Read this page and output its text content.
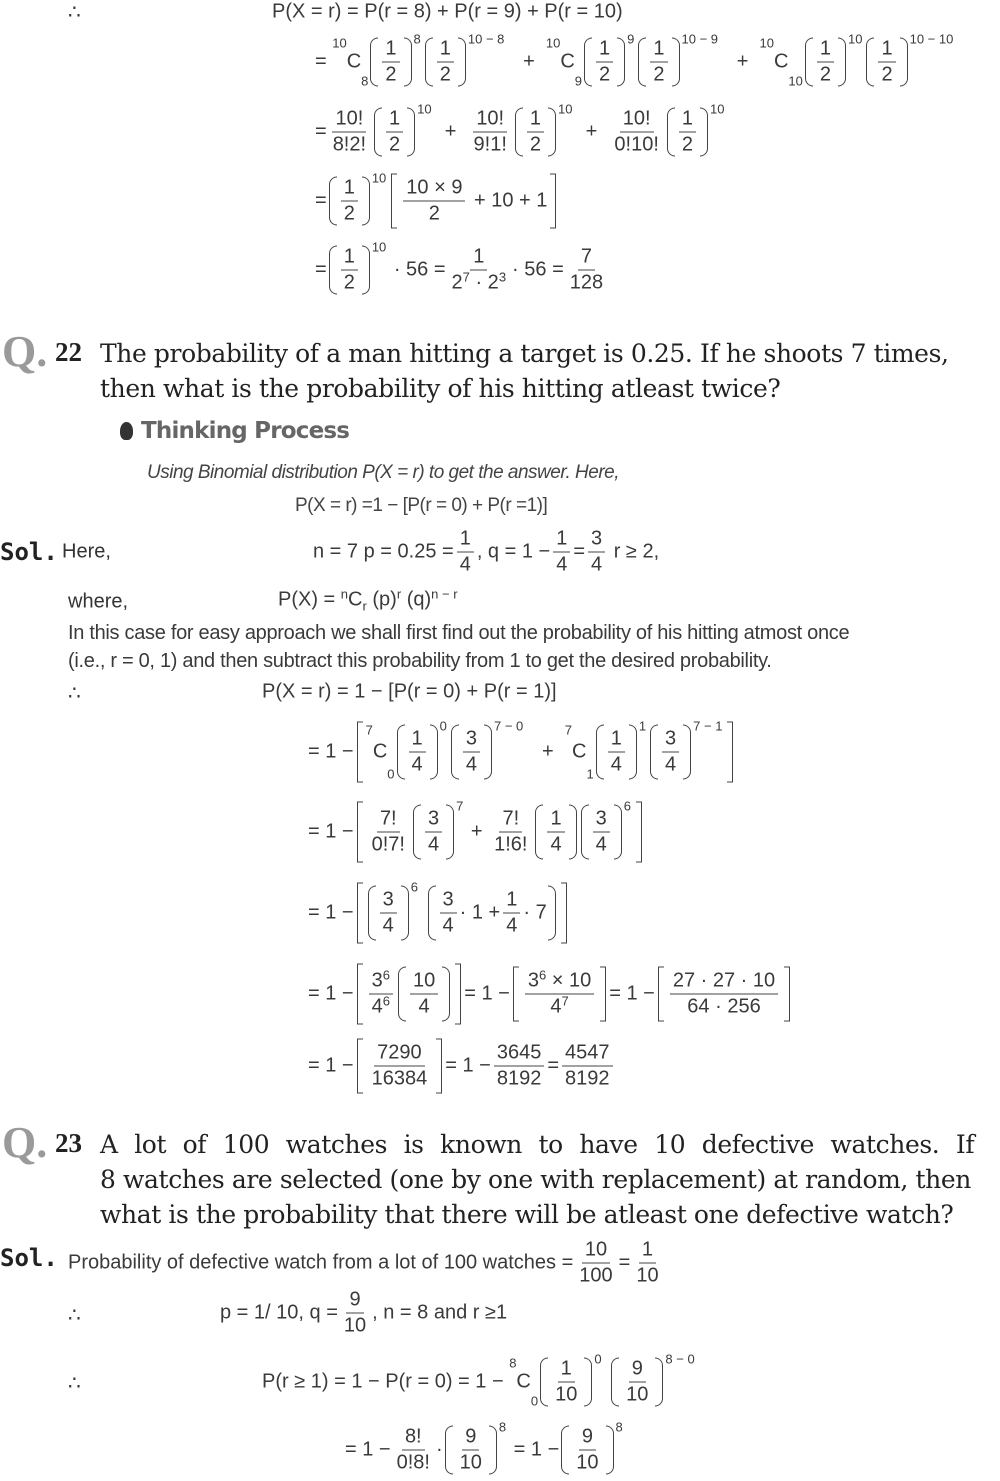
∴	P(X = r) = P(r = 8) + P(r = 9) + P(r = 10)
=
10
C
$8 \frac{1}{2} 8 \frac{1}{2} 10 - 8$
+
10
C
$9 \frac{1}{2} 9 \frac{1}{2} 10 - 9$
+
10
C
$10 \frac{1}{2} 10 \frac{1}{2} 10 - 10$
= $\frac{10!}{8!2!} \frac{1}{2} 10$
+ $\frac{10!}{9!1!} \frac{1}{2} 10$
+ $\frac{10!}{0!10!} \frac{1}{2} 10$
= $\frac{1}{2} 10 \frac{10 \times 9}{2} + 10 + 1$
= $\frac{1}{2} 10$
· $56 = \frac{1}{2 7 \cdot 2 3} \cdot 56 = \frac{7}{128}$
Q. 22 The probability of a man hitting a target is 0.25. If he shoots 7 times,
then what is the probability of his hitting atleast twice?
Thinking Process
Using Binomial distribution P(X = r) to get the answer. Here,
P(X = r) =1 − [P(r = 0) + P(r =1)]
Sol. Here,	n = 7 $p = 0.25 = \frac{1}{4}$ , $q = 1 - \frac{1}{4} = \frac{3}{4}$ r ≥ 2,
where,	P(X) = n C r (p) r (q) n − r
In this case for easy approach we shall first find out the probability of his hitting atmost once
(i.e., r = 0, 1) and then subtract this probability from 1 to get the desired probability.
∴	P(X = r) = 1 − [P(r = 0) + P(r = 1)]
= 1 −
7
C
$0 \frac{1}{4}$
0
$\frac{3}{4}$
7 − 0
+
7
C
$1 \frac{1}{4}$
1
$\frac{3}{4}$
7 − 1
= $1 - \frac{7!}{0!7!} \frac{3}{4}$
7
+ $\frac{7!}{1!6!} \frac{1}{4} \frac{3}{4}$
6
= $1 - \frac{3}{4}$
6

$\frac{3}{4} \cdot 1 + \frac{1}{4} \cdot 7$
= $1 - \frac{3 6}{4 6} \frac{10}{4} = 1 - \frac{3 6 \times 10}{4 7} = 1 - \frac{27 \cdot 27 \cdot 10}{64 \cdot 256}$
= $1 - \frac{7290}{16384} = 1 - \frac{3645}{8192} = \frac{4547}{8192}$
Q. 23 A lot of 100 watches is known to have 10 defective watches. If
8 watches are selected (one by one with replacement) at random, then
what is the probability that there will be atleast one defective watch?
Sol. Probability of defective watch from a lot of 100 watches = $\frac{10}{100} = \frac{1}{10}$
∴	p = 1/ 10, $q = \frac{9}{10}$ , n = 8 and r ≥1
∴	P(r ≥ 1) = 1 − P(r = 0) = 1 −
8
C
$0 \frac{1}{10} 0$
$\frac{9}{10} 8 - 0$
= $1 - \frac{8!}{0!8!} \cdot \frac{9}{10} 8$
= $1 - \frac{9}{10} 8$
